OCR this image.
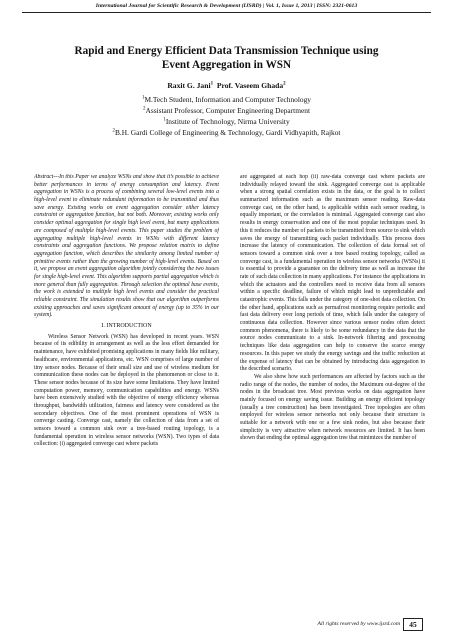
International Journal for Scientific Research & Development (IJSRD) | Vol. 1, Issue 1, 2013 | ISSN: 2321-0613
Rapid and Energy Efficient Data Transmission Technique using Event Aggregation in WSN
Raxit G. Jani$^1$ Prof. Vaseem Ghada$^2$
$^1$M.Tech Student, Information and Computer Technology
$^2$Assistant Professor, Computer Engineering Department
$^1$Institute of Technology, Nirma University
$^2$B.H. Gardi College of Engineering & Technology, Gardi Vidhyapith, Rajkot

Abstract---In this Paper we analyze WSNs and show that it’s possible to achieve better performances in terms of energy consumption and latency. Event aggregation in WSNs is a process of combining several low-level events into a high-level event to eliminate redundant information to be transmitted and thus save energy. Existing works on event aggregation consider either latency constraint or aggregation function, but not both. Moreover, existing works only consider optimal aggregation for single high level event, but many applications are composed of multiple high-level events. This paper studies the problem of aggregating multiple high-level events in WSNs with different latency constraints and aggregation functions. We propose relation matrix to define aggregation function, which describes the similarity among limited number of primitive events rather than the growing number of high-level events. Based on it, we propose an event aggregation algorithm jointly considering the two issues for single high-level event. This algorithm supports partial aggregation which is more general than fully aggregation. Through selection the optimal base events, the work is extended to multiple high level events and consider the practical reliable constraint. The simulation results show that our algorithm outperforms existing approaches and saves significant amount of energy (up to 35% in our system).

I. INTRODUCTION

Wireless Sensor Network (WSN) has developed in recent years. WSN because of its edibility in arrangement as well as the less effort demanded for maintenance, have exhibited promising applications in many fields like military, healthcare, environmental applications, etc. WSN comprises of large number of tiny sensor nodes. Because of their small size and use of wireless medium for communication these nodes can be deployed in the phenomenon or close to it. These sensor nodes because of its size have some limitations. They have limited computation power, memory, communication capabilities and energy. WSNs have been extensively studied with the objective of energy efficiency whereas throughput, bandwidth utilization, fairness and latency were considered as the secondary objectives. One of the most prominent operations of WSN is converge casting. Converge cast, namely the collection of data from a set of sensors toward a common sink over a tree-based routing topology, is a fundamental operation in wireless sensor networks (WSN). Two types of data collection: (i) aggregated converge cast where packets

are aggregated at each hop (ii) raw-data converge cast where packets are individually relayed toward the sink. Aggregated converge cast is applicable when a strong spatial correlation exists in the data, or the goal is to collect summarized information such as the maximum sensor reading. Raw-data converge cast, on the other hand, is applicable within each sensor reading, is equally important, or the correlation is minimal. Aggregated converge cast also results in energy conservation and one of the most popular techniques used. In this it reduces the number of packets to be transmitted from source to sink which saves the energy of transmitting each packet individually. This process does increase the latency of communication. The collection of data formal set of sensors toward a common sink over a tree based routing topology, called as converge cast, is a fundamental operation in wireless sensor networks (WSNs) it is essential to provide a guarantee on the delivery time as well as increase the rate of such data collection in many applications. For instance the applications in which the actuators and the controllers need to receive data from all sensors within a specific deadline, failure of which might lead to unpredictable and catastrophic events. This falls under the category of one-shot data collection. On the other hand, applications such as permafrost monitoring require periodic and fast data delivery over long periods of time, which falls under the category of continuous data collection. However since various sensor nodes often detect common phenomena, there is likely to be some redundancy in the data that the source nodes communicate to a sink. In-network filtering and processing techniques like data aggregation can help to conserve the scarce energy resources. In this paper we study the energy savings and the traffic reduction at the expense of latency that can be obtained by introducing data aggregation in the described scenario.

We also show how such performances are affected by factors such as the radio range of the nodes, the number of nodes, the Maximum out-degree of the nodes in the broadcast tree. Most previous works on data aggregation have mainly focused on energy saving issue. Building an energy efficient topology (usually a tree construction) has been investigated. Tree topologies are often employed for wireless sensor networks not only because their structure is suitable for a network with one or a few sink nodes, but also because their simplicity is very attractive when network resources are limited. It has been shown that ending the optimal aggregation tree that minimizes the number of

All rights reserved by www.ijsrd.com	45
